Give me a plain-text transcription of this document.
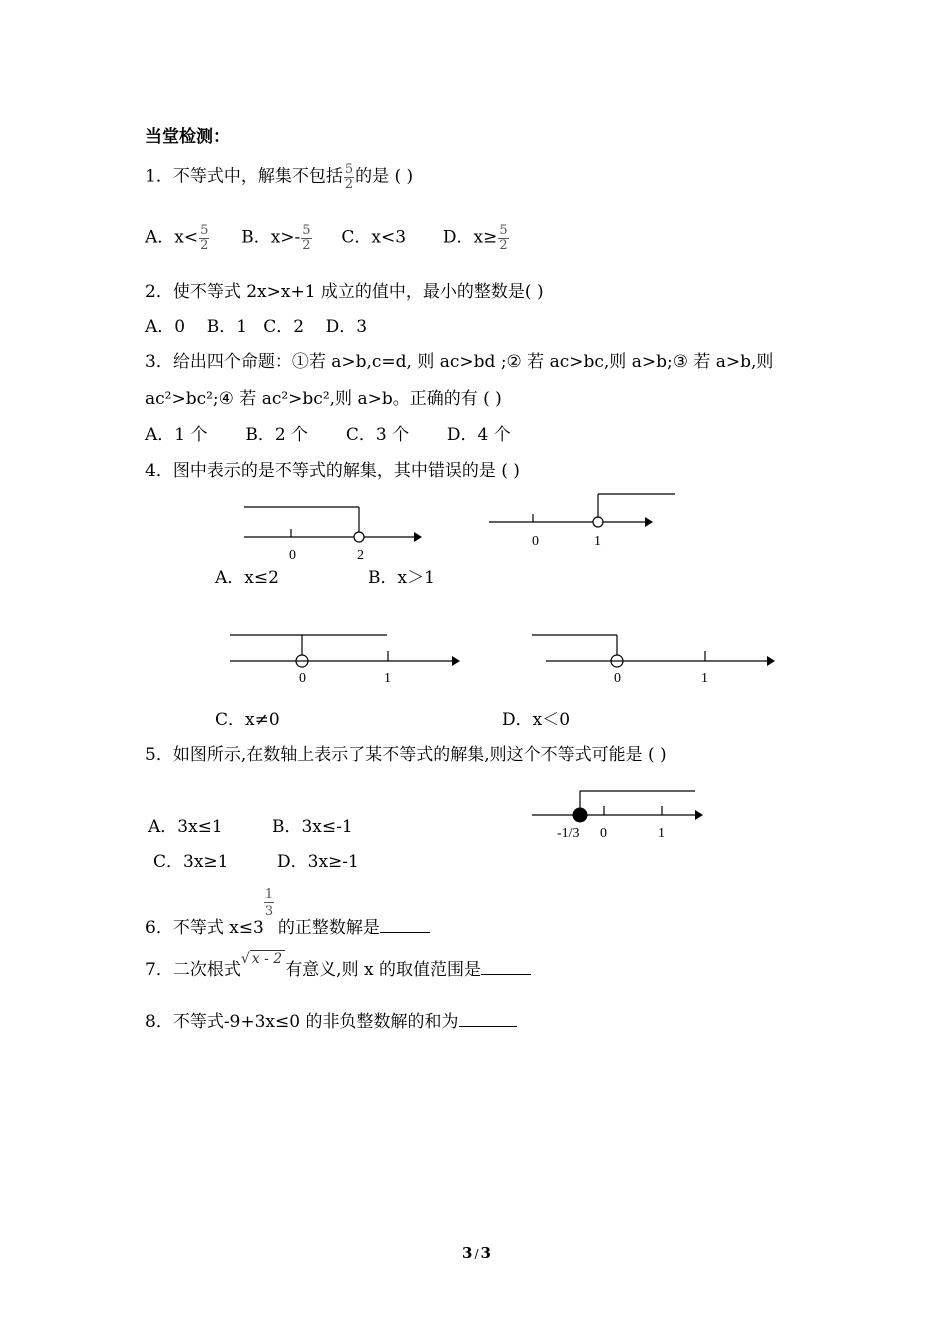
当堂检测：
1．不等式中，解集不包括 $\frac{5}{2}$ 的是 ( )
A．$x< \frac{5}{2}$ B．$x>- \frac{5}{2}$ C．x<3 D．$x\ge \frac{5}{2}$
2．使不等式 2x>x+1 成立的值中，最小的整数是( )
A．0    B．1   C．2    D．3
3．给出四个命题：①若 a>b,c=d, 则 ac>bd ;② 若 ac>bc,则 a>b;③ 若 a>b,则
ac²>bc²;④ 若 ac²>bc²,则 a>b。正确的有 ( )
A．1 个       B．2 个       C．3 个       D．4 个
4．图中表示的是不等式的解集，其中错误的是 ( )
0	2
0	1
0	1	0	1
-1/3 0	1
A．x≤2	B．x＞1
C．x≠0	D．x＜0
5．如图所示,在数轴上表示了某不等式的解集,则这个不等式可能是 ( )
A．3x≤1	B．3x≤-1
C．3x≥1	D．3x≥-1
6．不等式 $x\le 3 \frac{1}{3}$ 的正整数解是
7．二次根式√ x - 2有意义,则 x 的取值范围是
8．不等式-9+3x≤0 的非负整数解的和为
3 / 3
